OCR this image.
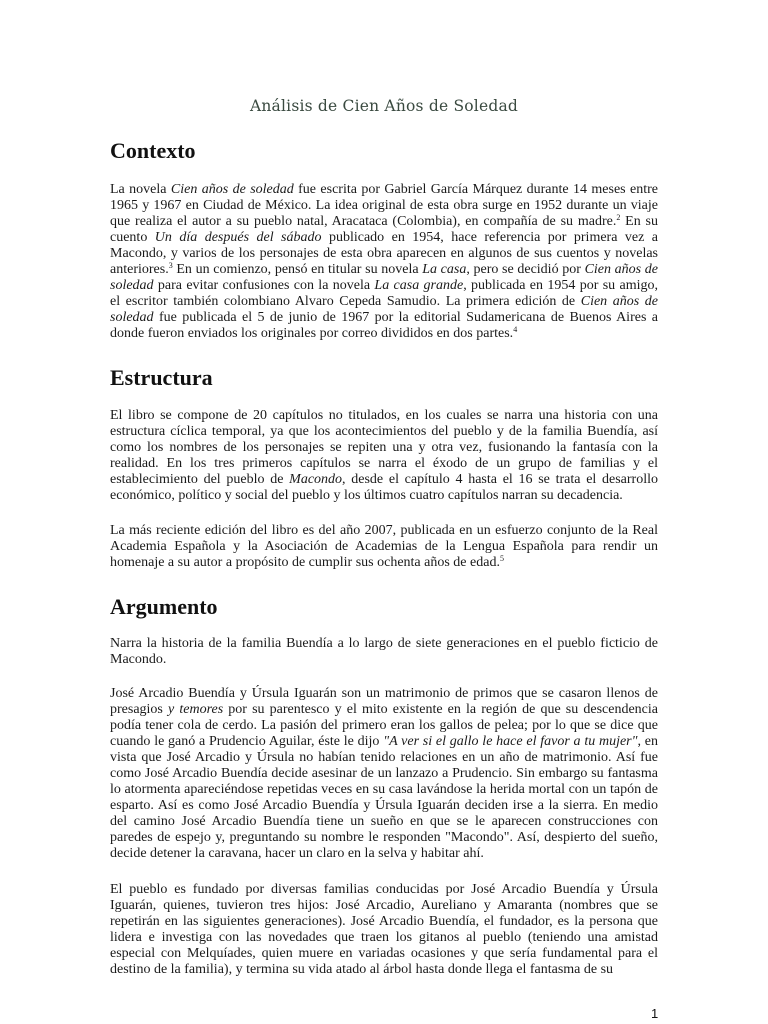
Análisis de Cien Años de Soledad
Contexto

La novela Cien años de soledad fue escrita por Gabriel García Márquez durante 14 meses entre 1965 y 1967 en Ciudad de México. La idea original de esta obra surge en 1952 durante un viaje que realiza el autor a su pueblo natal, Aracataca (Colombia), en compañía de su madre.$^2$ En su cuento Un día después del sábado publicado en 1954, hace referencia por primera vez a Macondo, y varios de los personajes de esta obra aparecen en algunos de sus cuentos y novelas anteriores.$^3$ En un comienzo, pensó en titular su novela La casa, pero se decidió por Cien años de soledad para evitar confusiones con la novela La casa grande, publicada en 1954 por su amigo, el escritor también colombiano Alvaro Cepeda Samudio. La primera edición de Cien años de soledad fue publicada el 5 de junio de 1967 por la editorial Sudamericana de Buenos Aires a donde fueron enviados los originales por correo divididos en dos partes.$^4$

Estructura

El libro se compone de 20 capítulos no titulados, en los cuales se narra una historia con una estructura cíclica temporal, ya que los acontecimientos del pueblo y de la familia Buendía, así como los nombres de los personajes se repiten una y otra vez, fusionando la fantasía con la realidad. En los tres primeros capítulos se narra el éxodo de un grupo de familias y el establecimiento del pueblo de Macondo, desde el capítulo 4 hasta el 16 se trata el desarrollo económico, político y social del pueblo y los últimos cuatro capítulos narran su decadencia.

La más reciente edición del libro es del año 2007, publicada en un esfuerzo conjunto de la Real Academia Española y la Asociación de Academias de la Lengua Española para rendir un homenaje a su autor a propósito de cumplir sus ochenta años de edad.$^5$

Argumento

Narra la historia de la familia Buendía a lo largo de siete generaciones en el pueblo ficticio de Macondo.

José Arcadio Buendía y Úrsula Iguarán son un matrimonio de primos que se casaron llenos de presagios y temores por su parentesco y el mito existente en la región de que su descendencia podía tener cola de cerdo. La pasión del primero eran los gallos de pelea; por lo que se dice que cuando le ganó a Prudencio Aguilar, éste le dijo "A ver si el gallo le hace el favor a tu mujer", en vista que José Arcadio y Úrsula no habían tenido relaciones en un año de matrimonio. Así fue como José Arcadio Buendía decide asesinar de un lanzazo a Prudencio. Sin embargo su fantasma lo atormenta apareciéndose repetidas veces en su casa lavándose la herida mortal con un tapón de esparto. Así es como José Arcadio Buendía y Úrsula Iguarán deciden irse a la sierra. En medio del camino José Arcadio Buendía tiene un sueño en que se le aparecen construcciones con paredes de espejo y, preguntando su nombre le responden "Macondo". Así, despierto del sueño, decide detener la caravana, hacer un claro en la selva y habitar ahí.

El pueblo es fundado por diversas familias conducidas por José Arcadio Buendía y Úrsula Iguarán, quienes, tuvieron tres hijos: José Arcadio, Aureliano y Amaranta (nombres que se repetirán en las siguientes generaciones). José Arcadio Buendía, el fundador, es la persona que lidera e investiga con las novedades que traen los gitanos al pueblo (teniendo una amistad especial con Melquíades, quien muere en variadas ocasiones y que sería fundamental para el destino de la familia), y termina su vida atado al árbol hasta donde llega el fantasma de su

1
